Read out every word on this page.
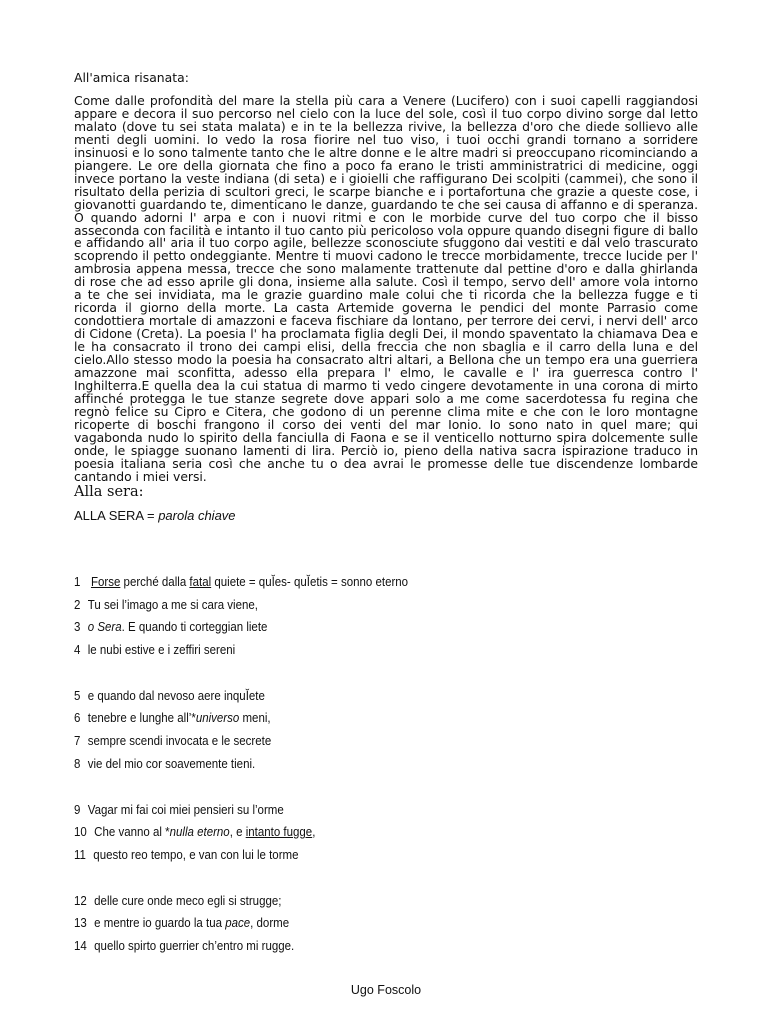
All'amica risanata:

Come dalle profondità del mare la stella più cara a Venere (Lucifero) con i suoi capelli raggiandosi appare e decora il suo percorso nel cielo con la luce del sole, così il tuo corpo divino sorge dal letto malato (dove tu sei stata malata) e in te la bellezza rivive, la bellezza d'oro che diede sollievo alle menti degli uomini. Io vedo la rosa fiorire nel tuo viso, i tuoi occhi grandi tornano a sorridere insinuosi e lo sono talmente tanto che le altre donne e le altre madri si preoccupano ricominciando a piangere. Le ore della giornata che fino a poco fa erano le tristi amministratrici di medicine, oggi invece portano la veste indiana (di seta) e i gioielli che raffigurano Dei scolpiti (cammei), che sono il risultato della perizia di scultori greci, le scarpe bianche e i portafortuna che grazie a queste cose, i giovanotti guardando te, dimenticano le danze, guardando te che sei causa di affanno e di speranza. O quando adorni l' arpa e con i nuovi ritmi e con le morbide curve del tuo corpo che il bisso asseconda con facilità e intanto il tuo canto più pericoloso vola oppure quando disegni figure di ballo e affidando all' aria il tuo corpo agile, bellezze sconosciute sfuggono dai vestiti e dal velo trascurato scoprendo il petto ondeggiante. Mentre ti muovi cadono le trecce morbidamente, trecce lucide per l' ambrosia appena messa, trecce che sono malamente trattenute dal pettine d'oro e dalla ghirlanda di rose che ad esso aprile gli dona, insieme alla salute. Così il tempo, servo dell' amore vola intorno a te che sei invidiata, ma le grazie guardino male colui che ti ricorda che la bellezza fugge e ti ricorda il giorno della morte. La casta Artemide governa le pendici del monte Parrasio come condottiera mortale di amazzoni e faceva fischiare da lontano, per terrore dei cervi, i nervi dell' arco di Cidone (Creta). La poesia l' ha proclamata figlia degli Dei, il mondo spaventato la chiamava Dea e le ha consacrato il trono dei campi elisi, della freccia che non sbaglia e il carro della luna e del cielo.Allo stesso modo la poesia ha consacrato altri altari, a Bellona che un tempo era una guerriera amazzone mai sconfitta, adesso ella prepara l' elmo, le cavalle e l' ira guerresca contro l' Inghilterra.E quella dea la cui statua di marmo ti vedo cingere devotamente in una corona di mirto affinché protegga le tue stanze segrete dove appari solo a me come sacerdotessa fu regina che regnò felice su Cipro e Citera, che godono di un perenne clima mite e che con le loro montagne ricoperte di boschi frangono il corso dei venti del mar Ionio. Io sono nato in quel mare; qui vagabonda nudo lo spirito della fanciulla di Faona e se il venticello notturno spira dolcemente sulle onde, le spiagge suonano lamenti di lira. Perciò io, pieno della nativa sacra ispirazione traduco in poesia italiana seria così che anche tu o dea avrai le promesse delle tue discendenze lombarde cantando i miei versi.

Alla sera:
ALLA SERA = parola chiave
1 Forse perché dalla fatal quiete = quĬes- quĬetis = sonno eterno
2 Tu sei l’imago a me si cara viene,
3 o Sera. E quando ti corteggian liete
4 le nubi estive e i zeffiri sereni
5 e quando dal nevoso aere inquĬete
6 tenebre e lunghe all’*universo meni,
7 sempre scendi invocata e le secrete
8 vie del mio cor soavemente tieni.
9 Vagar mi fai coi miei pensieri su l’orme
10 Che vanno al *nulla eterno, e intanto fugge,
11 questo reo tempo, e van con lui le torme
12 delle cure onde meco egli si strugge;
13 e mentre io guardo la tua pace, dorme
14 quello spirto guerrier ch’entro mi rugge.
Ugo Foscolo
